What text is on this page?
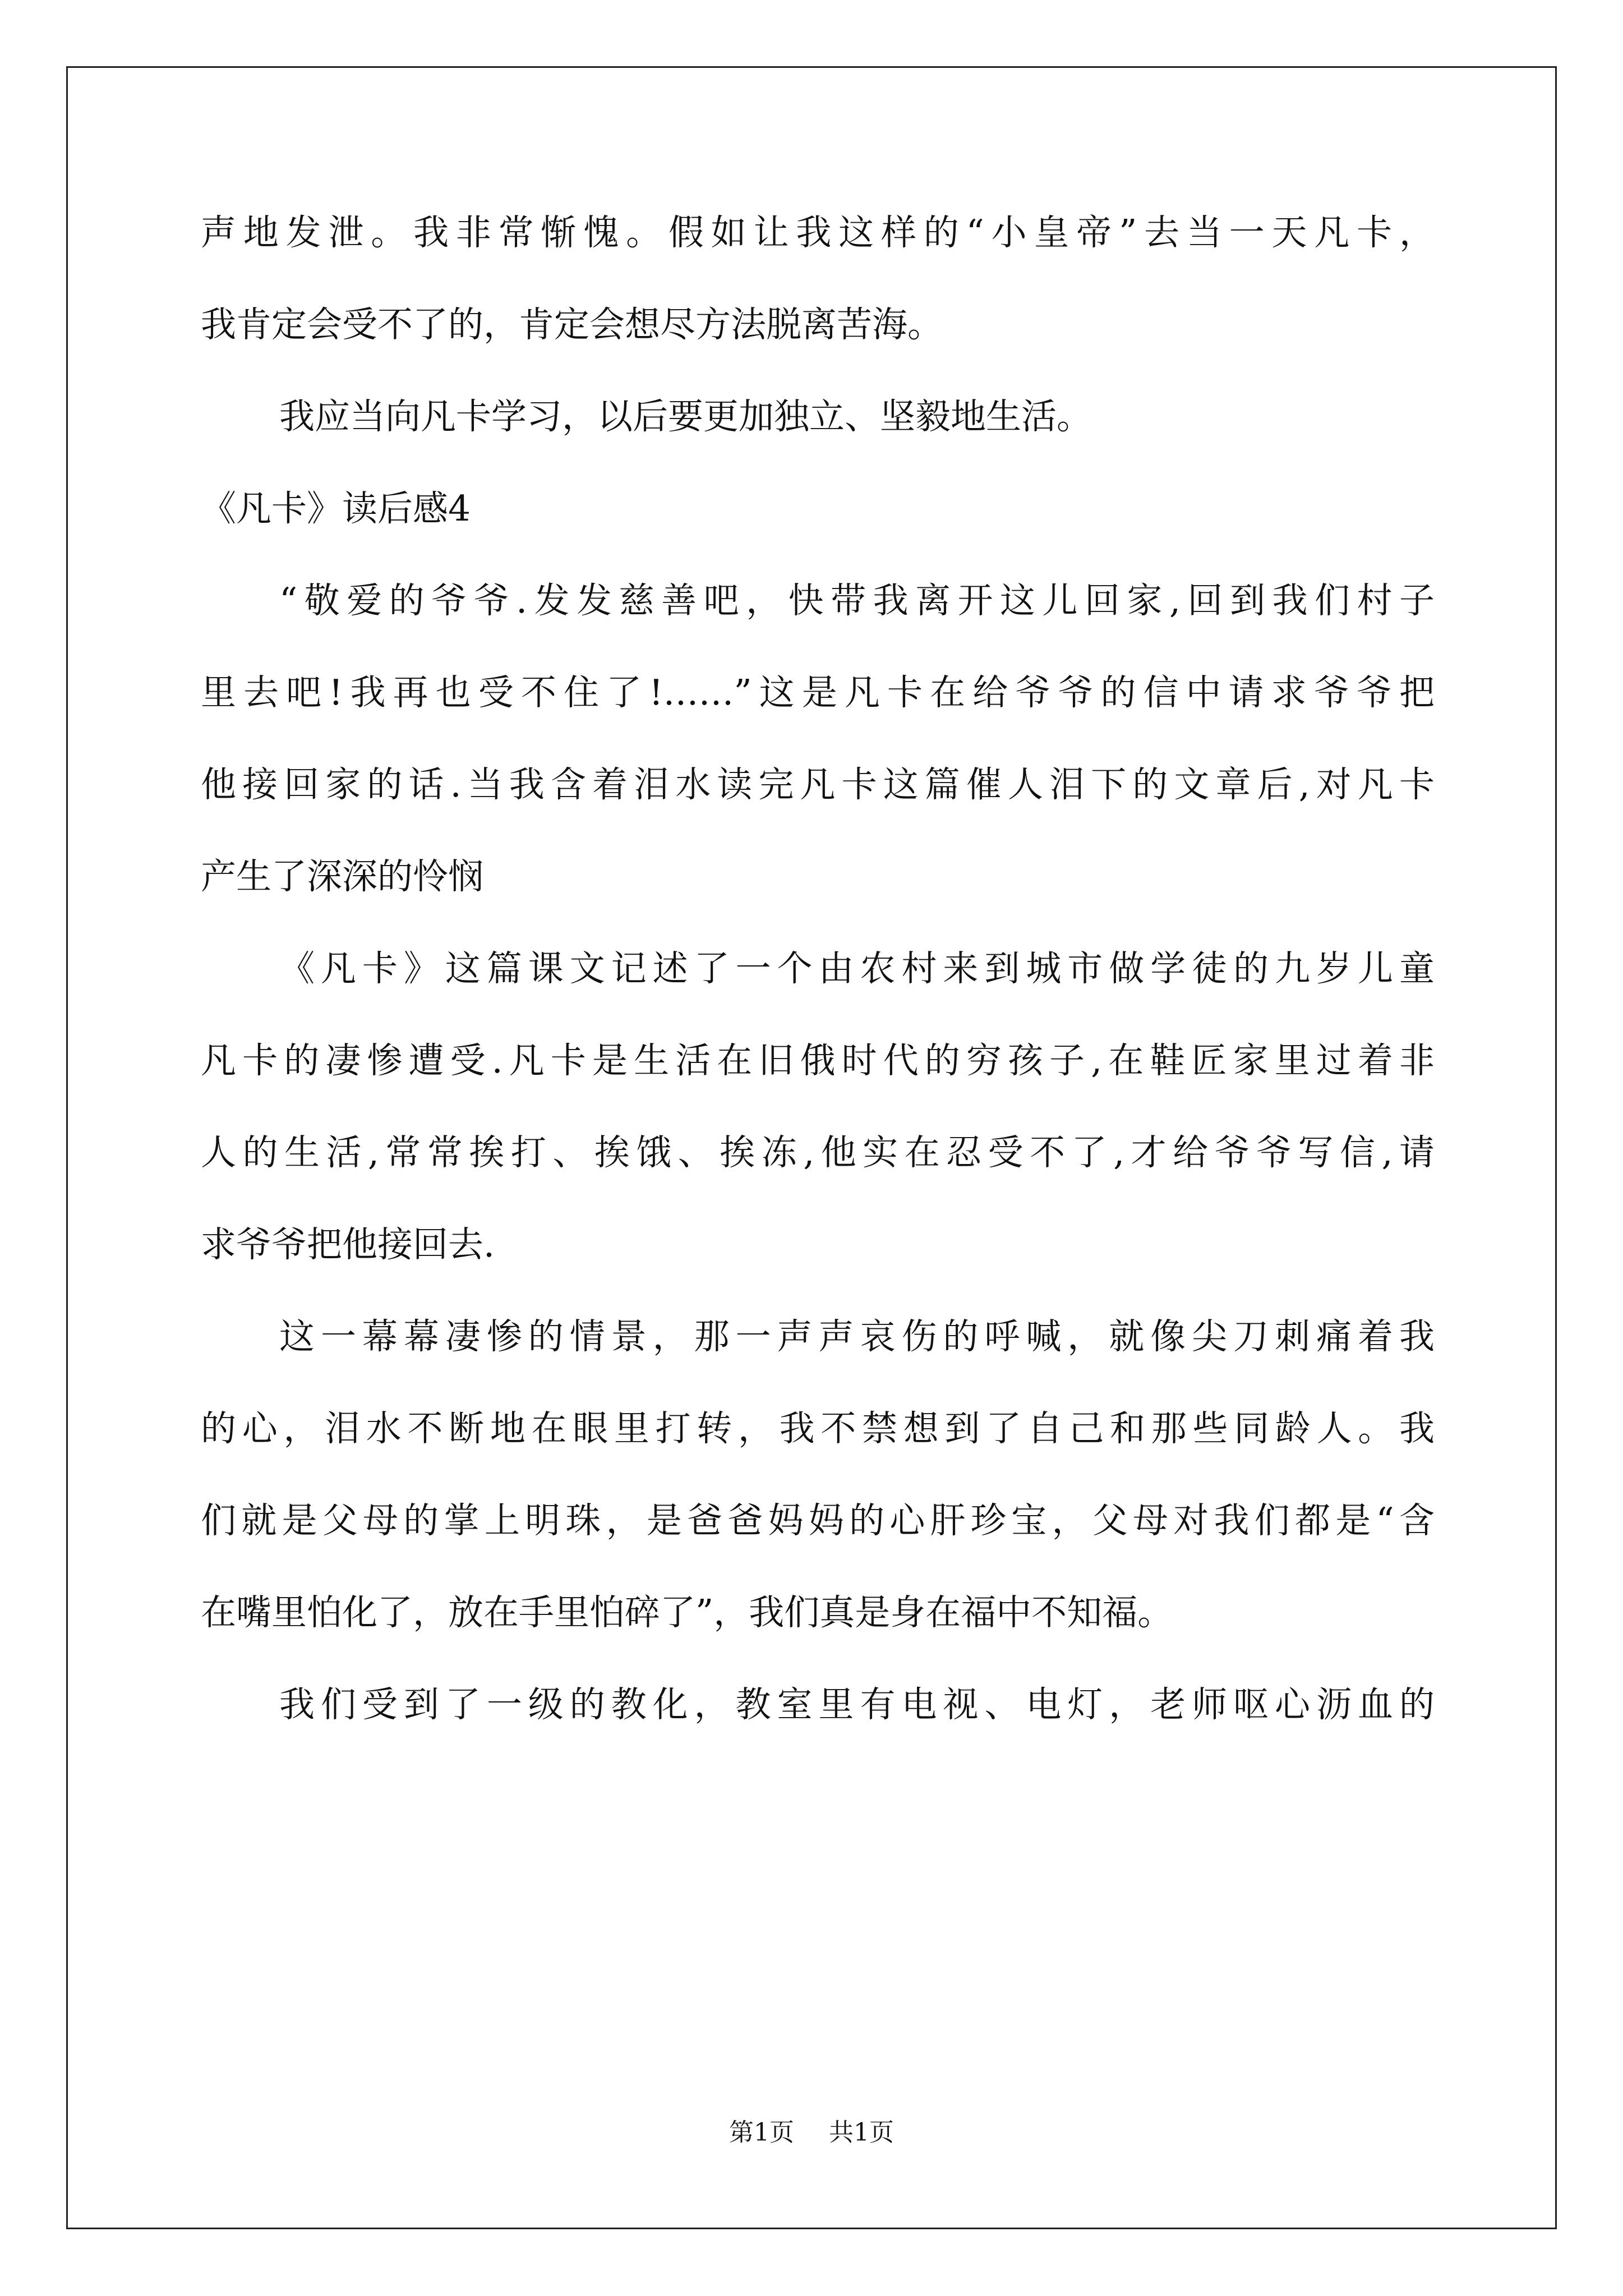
声地发泄。我非常惭愧。假如让我这样的“小皇帝”去当一天凡卡，
我肯定会受不了的，肯定会想尽方法脱离苦海。
我应当向凡卡学习，以后要更加独立、坚毅地生活。
《凡卡》读后感4
“敬爱的爷爷.发发慈善吧，快带我离开这儿回家,回到我们村子
里去吧!我再也受不住了!……”这是凡卡在给爷爷的信中请求爷爷把
他接回家的话.当我含着泪水读完凡卡这篇催人泪下的文章后,对凡卡
产生了深深的怜悯
《凡卡》这篇课文记述了一个由农村来到城市做学徒的九岁儿童
凡卡的凄惨遭受.凡卡是生活在旧俄时代的穷孩子,在鞋匠家里过着非
人的生活,常常挨打、挨饿、挨冻,他实在忍受不了,才给爷爷写信,请
求爷爷把他接回去.
这一幕幕凄惨的情景，那一声声哀伤的呼喊，就像尖刀刺痛着我
的心，泪水不断地在眼里打转，我不禁想到了自己和那些同龄人。我
们就是父母的掌上明珠，是爸爸妈妈的心肝珍宝，父母对我们都是“含
在嘴里怕化了，放在手里怕碎了”，我们真是身在福中不知福。
我们受到了一级的教化，教室里有电视、电灯，老师呕心沥血的
第1页 共1页
